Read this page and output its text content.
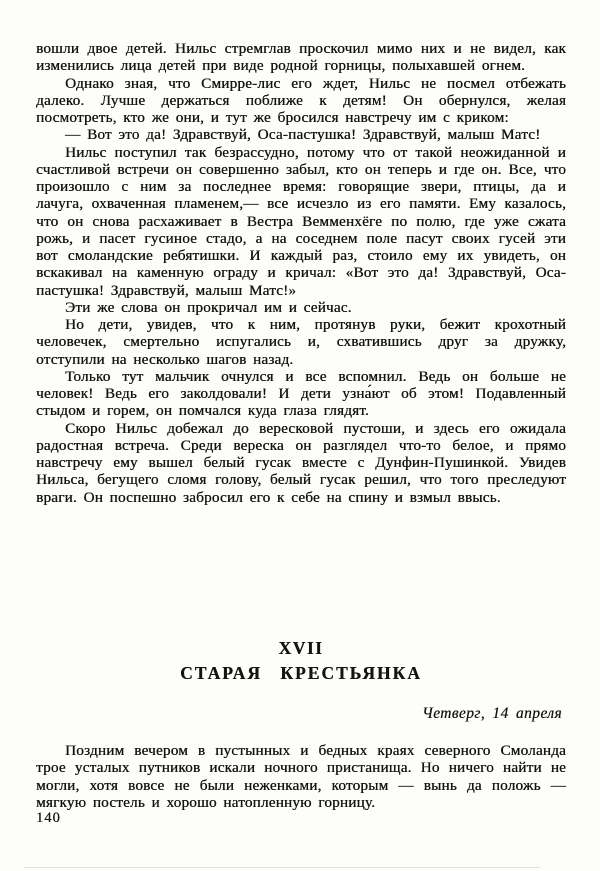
вошли двое детей. Нильс стремглав проскочил мимо них и не видел, как изменились лица детей при виде родной горницы, полыхавшей огнем.

Однако зная, что Смирре-лис его ждет, Нильс не посмел отбежать далеко. Лучше держаться поближе к детям! Он обернулся, желая посмотреть, кто же они, и тут же бросился навстречу им с криком:

— Вот это да! Здравствуй, Оса-пастушка! Здравствуй, малыш Матс!

Нильс поступил так безрассудно, потому что от такой неожиданной и счастливой встречи он совершенно забыл, кто он теперь и где он. Все, что произошло с ним за последнее время: говорящие звери, птицы, да и лачуга, охваченная пламенем,— все исчезло из его памяти. Ему казалось, что он снова расхаживает в Вестра Вемменхёге по полю, где уже сжата рожь, и пасет гусиное стадо, а на соседнем поле пасут своих гусей эти вот смоландские ребятишки. И каждый раз, стоило ему их увидеть, он вскакивал на каменную ограду и кричал: «Вот это да! Здравствуй, Оса-пастушка! Здравствуй, малыш Матс!»

Эти же слова он прокричал им и сейчас.

Но дети, увидев, что к ним, протянув руки, бежит крохотный человечек, смертельно испугались и, схватившись друг за дружку, отступили на несколько шагов назад.

Только тут мальчик очнулся и все вспомнил. Ведь он больше не человек! Ведь его заколдовали! И дети узна́ют об этом! Подавленный стыдом и горем, он помчался куда глаза глядят.

Скоро Нильс добежал до вересковой пустоши, и здесь его ожидала радостная встреча. Среди вереска он разглядел что-то белое, и прямо навстречу ему вышел белый гусак вместе с Дунфин-Пушинкой. Увидев Нильса, бегущего сломя голову, белый гусак решил, что того преследуют враги. Он поспешно забросил его к себе на спину и взмыл ввысь.

XVII
СТАРАЯ КРЕСТЬЯНКА
Четверг, 14 апреля

Поздним вечером в пустынных и бедных краях северного Смоланда трое усталых путников искали ночного пристанища. Но ничего найти не могли, хотя вовсе не были неженками, которым — вынь да положь — мягкую постель и хорошо натопленную горницу.

140
